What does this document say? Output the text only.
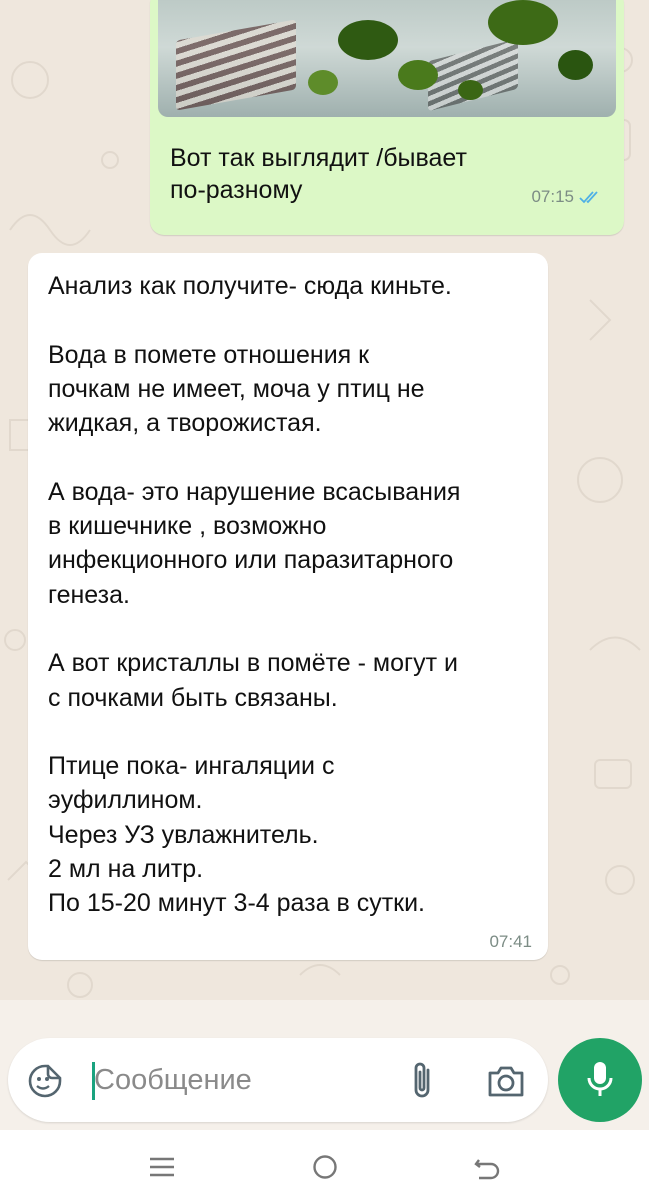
Вот так выглядит /бывает
по-разному	07:15

Анализ как получите- сюда киньте.

Вода в помете отношения к

почкам не имеет, моча у птиц не

жидкая, а творожистая.

А вода- это нарушение всасывания

в кишечнике , возможно

инфекционного или паразитарного

генеза.

А вот кристаллы в помёте - могут и

с почками быть связаны.

Птице пока- ингаляции с

эуфиллином.

Через УЗ увлажнитель.

2 мл на литр.

По 15-20 минут 3-4 раза в сутки.

07:41
Сообщение
